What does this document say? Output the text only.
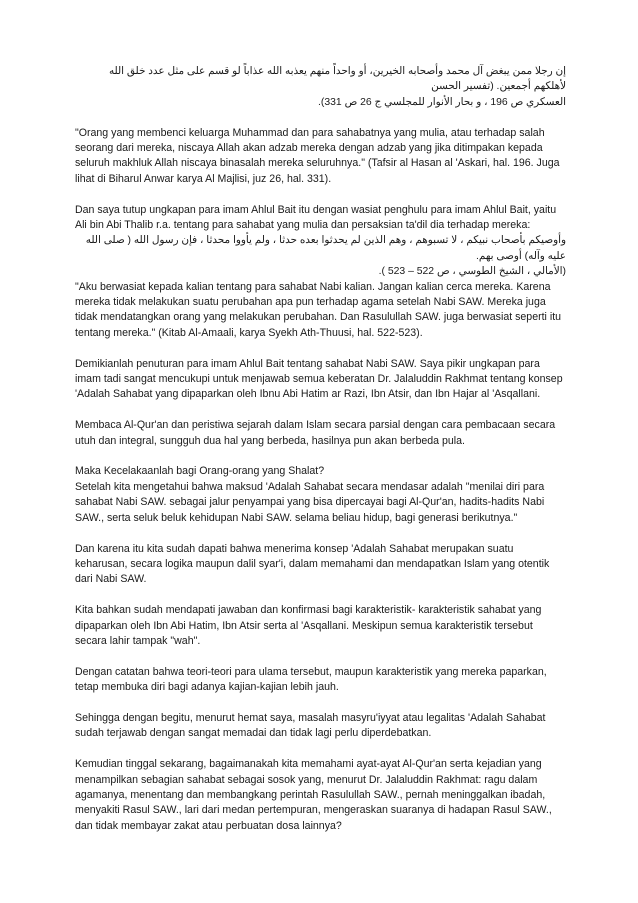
إن رجلا ممن يبغض آل محمد وأصحابه الخيرين، أو واحداً منهم يعذبه الله عذاباً لو قسم على مثل عدد خلق الله لأهلكهم أجمعين. (تفسير الحسن
العسكري ص 196 ، و بحار الأنوار للمجلسي ج 26 ص 331).

"Orang yang membenci keluarga Muhammad dan para sahabatnya yang mulia, atau terhadap salah seorang dari mereka, niscaya Allah akan adzab mereka dengan adzab yang jika ditimpakan kepada seluruh makhluk Allah niscaya binasalah mereka seluruhnya." (Tafsir al Hasan al 'Askari, hal. 196. Juga lihat di Biharul Anwar karya Al Majlisi, juz 26, hal. 331).

Dan saya tutup ungkapan para imam Ahlul Bait itu dengan wasiat penghulu para imam Ahlul Bait, yaitu Ali bin Abi Thalib r.a. tentang para sahabat yang mulia dan persaksian ta'dil dia terhadap mereka:

وأوصيكم بأصحاب نبيكم ، لا تسبوهم ، وهم الذين لم يحدثوا بعده حدثا ، ولم يأووا محدثا ، فإن رسول الله ( صلى الله عليه وآله) أوصى بهم.
(الأمالي ، الشيخ الطوسي ، ص 522 – 523 ).

"Aku berwasiat kepada kalian tentang para sahabat Nabi kalian. Jangan kalian cerca mereka. Karena mereka tidak melakukan suatu perubahan apa pun terhadap agama setelah Nabi SAW. Mereka juga tidak mendatangkan orang yang melakukan perubahan. Dan Rasulullah SAW. juga berwasiat seperti itu tentang mereka." (Kitab Al-Amaali, karya Syekh Ath-Thuusi, hal. 522-523).

Demikianlah penuturan para imam Ahlul Bait tentang sahabat Nabi SAW. Saya pikir ungkapan para imam tadi sangat mencukupi untuk menjawab semua keberatan Dr. Jalaluddin Rakhmat tentang konsep 'Adalah Sahabat yang dipaparkan oleh Ibnu Abi Hatim ar Razi, Ibn Atsir, dan Ibn Hajar al 'Asqallani.

Membaca Al-Qur'an dan peristiwa sejarah dalam Islam secara parsial dengan cara pembacaan secara utuh dan integral, sungguh dua hal yang berbeda, hasilnya pun akan berbeda pula.

Maka Kecelakaanlah bagi Orang-orang yang Shalat?

Setelah kita mengetahui bahwa maksud 'Adalah Sahabat secara mendasar adalah "menilai diri para sahabat Nabi SAW. sebagai jalur penyampai yang bisa dipercayai bagi Al-Qur'an, hadits-hadits Nabi SAW., serta seluk beluk kehidupan Nabi SAW. selama beliau hidup, bagi generasi berikutnya."

Dan karena itu kita sudah dapati bahwa menerima konsep 'Adalah Sahabat merupakan suatu keharusan, secara logika maupun dalil syar'i, dalam memahami dan mendapatkan Islam yang otentik dari Nabi SAW.

Kita bahkan sudah mendapati jawaban dan konfirmasi bagi karakteristik- karakteristik sahabat yang dipaparkan oleh Ibn Abi Hatim, Ibn Atsir serta al 'Asqallani. Meskipun semua karakteristik tersebut secara lahir tampak "wah".

Dengan catatan bahwa teori-teori para ulama tersebut, maupun karakteristik yang mereka paparkan, tetap membuka diri bagi adanya kajian-kajian lebih jauh.

Sehingga dengan begitu, menurut hemat saya, masalah masyru'iyyat atau legalitas 'Adalah Sahabat sudah terjawab dengan sangat memadai dan tidak lagi perlu diperdebatkan.

Kemudian tinggal sekarang, bagaimanakah kita memahami ayat-ayat Al-Qur'an serta kejadian yang menampilkan sebagian sahabat sebagai sosok yang, menurut Dr. Jalaluddin Rakhmat: ragu dalam agamanya, menentang dan membangkang perintah Rasulullah SAW., pernah meninggalkan ibadah, menyakiti Rasul SAW., lari dari medan pertempuran, mengeraskan suaranya di hadapan Rasul SAW., dan tidak membayar zakat atau perbuatan dosa lainnya?
